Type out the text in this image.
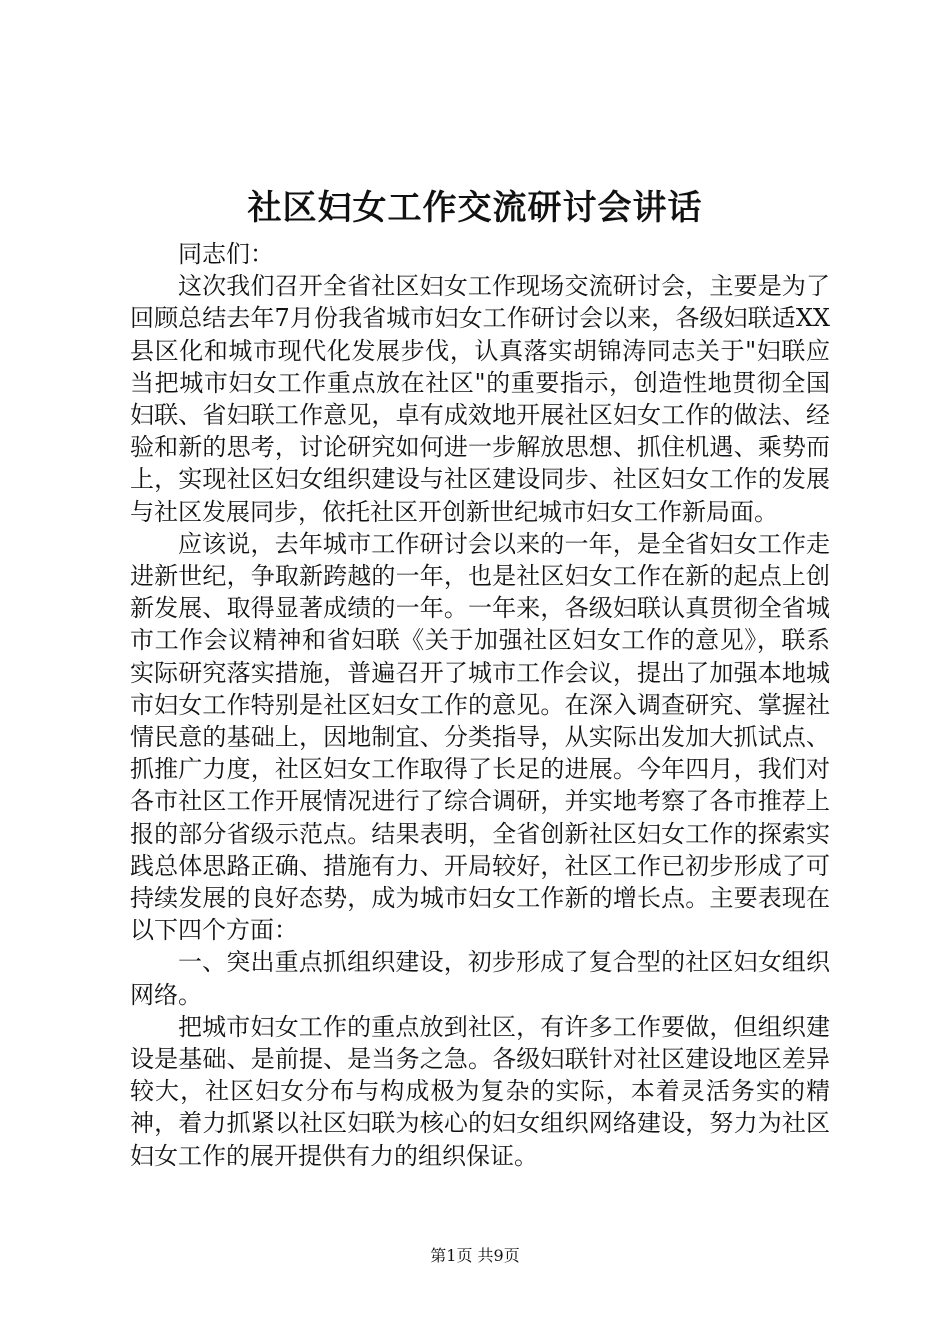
社区妇女工作交流研讨会讲话

同志们：

这次我们召开全省社区妇女工作现场交流研讨会，主要是为了回顾总结去年7月份我省城市妇女工作研讨会以来，各级妇联适XX县区化和城市现代化发展步伐，认真落实胡锦涛同志关于"妇联应当把城市妇女工作重点放在社区"的重要指示，创造性地贯彻全国妇联、省妇联工作意见，卓有成效地开展社区妇女工作的做法、经验和新的思考，讨论研究如何进一步解放思想、抓住机遇、乘势而上，实现社区妇女组织建设与社区建设同步、社区妇女工作的发展与社区发展同步，依托社区开创新世纪城市妇女工作新局面。

应该说，去年城市工作研讨会以来的一年，是全省妇女工作走进新世纪，争取新跨越的一年，也是社区妇女工作在新的起点上创新发展、取得显著成绩的一年。一年来，各级妇联认真贯彻全省城市工作会议精神和省妇联《关于加强社区妇女工作的意见》，联系实际研究落实措施，普遍召开了城市工作会议，提出了加强本地城市妇女工作特别是社区妇女工作的意见。在深入调查研究、掌握社情民意的基础上，因地制宜、分类指导，从实际出发加大抓试点、抓推广力度，社区妇女工作取得了长足的进展。今年四月，我们对各市社区工作开展情况进行了综合调研，并实地考察了各市推荐上报的部分省级示范点。结果表明，全省创新社区妇女工作的探索实践总体思路正确、措施有力、开局较好，社区工作已初步形成了可持续发展的良好态势，成为城市妇女工作新的增长点。主要表现在以下四个方面：

一、突出重点抓组织建设，初步形成了复合型的社区妇女组织网络。

把城市妇女工作的重点放到社区，有许多工作要做，但组织建设是基础、是前提、是当务之急。各级妇联针对社区建设地区差异较大，社区妇女分布与构成极为复杂的实际，本着灵活务实的精神，着力抓紧以社区妇联为核心的妇女组织网络建设，努力为社区妇女工作的展开提供有力的组织保证。

第1页 共9页
